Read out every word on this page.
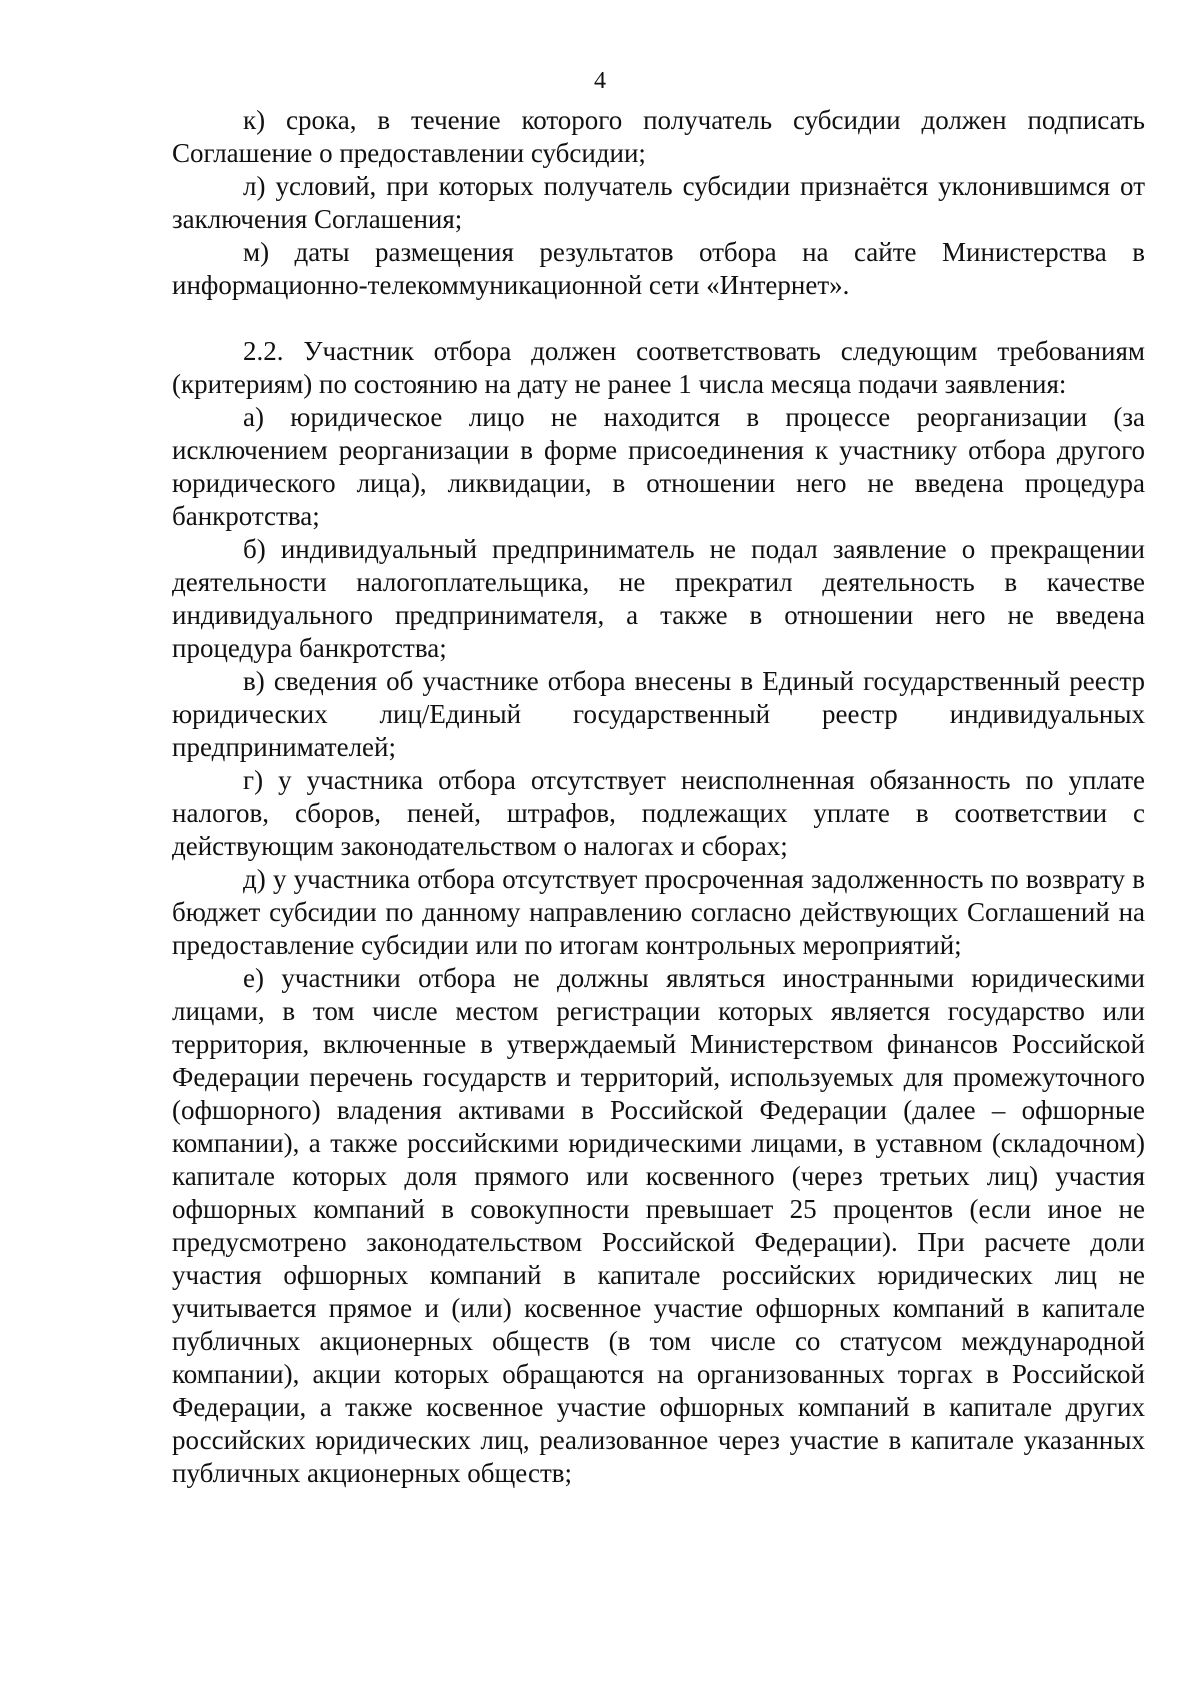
4

к) срока, в течение которого получатель субсидии должен подписать Соглашение о предоставлении субсидии;

л) условий, при которых получатель субсидии признаётся уклонившимся от заключения Соглашения;

м) даты размещения результатов отбора на сайте Министерства в информационно-телекоммуникационной сети «Интернет».

2.2. Участник отбора должен соответствовать следующим требованиям (критериям) по состоянию на дату не ранее 1 числа месяца подачи заявления:

а) юридическое лицо не находится в процессе реорганизации (за исключением реорганизации в форме присоединения к участнику отбора другого юридического лица), ликвидации, в отношении него не введена процедура банкротства;

б) индивидуальный предприниматель не подал заявление о прекращении деятельности налогоплательщика, не прекратил деятельность в качестве индивидуального предпринимателя, а также в отношении него не введена процедура банкротства;

в) сведения об участнике отбора внесены в Единый государственный реестр юридических лиц/Единый государственный реестр индивидуальных предпринимателей;

г) у участника отбора отсутствует неисполненная обязанность по уплате налогов, сборов, пеней, штрафов, подлежащих уплате в соответствии с действующим законодательством о налогах и сборах;

д) у участника отбора отсутствует просроченная задолженность по возврату в бюджет субсидии по данному направлению согласно действующих Соглашений на предоставление субсидии или по итогам контрольных мероприятий;

е) участники отбора не должны являться иностранными юридическими лицами, в том числе местом регистрации которых является государство или территория, включенные в утверждаемый Министерством финансов Российской Федерации перечень государств и территорий, используемых для промежуточного (офшорного) владения активами в Российской Федерации (далее – офшорные компании), а также российскими юридическими лицами, в уставном (складочном) капитале которых доля прямого или косвенного (через третьих лиц) участия офшорных компаний в совокупности превышает 25 процентов (если иное не предусмотрено законодательством Российской Федерации). При расчете доли участия офшорных компаний в капитале российских юридических лиц не учитывается прямое и (или) косвенное участие офшорных компаний в капитале публичных акционерных обществ (в том числе со статусом международной компании), акции которых обращаются на организованных торгах в Российской Федерации, а также косвенное участие офшорных компаний в капитале других российских юридических лиц, реализованное через участие в капитале указанных публичных акционерных обществ;
